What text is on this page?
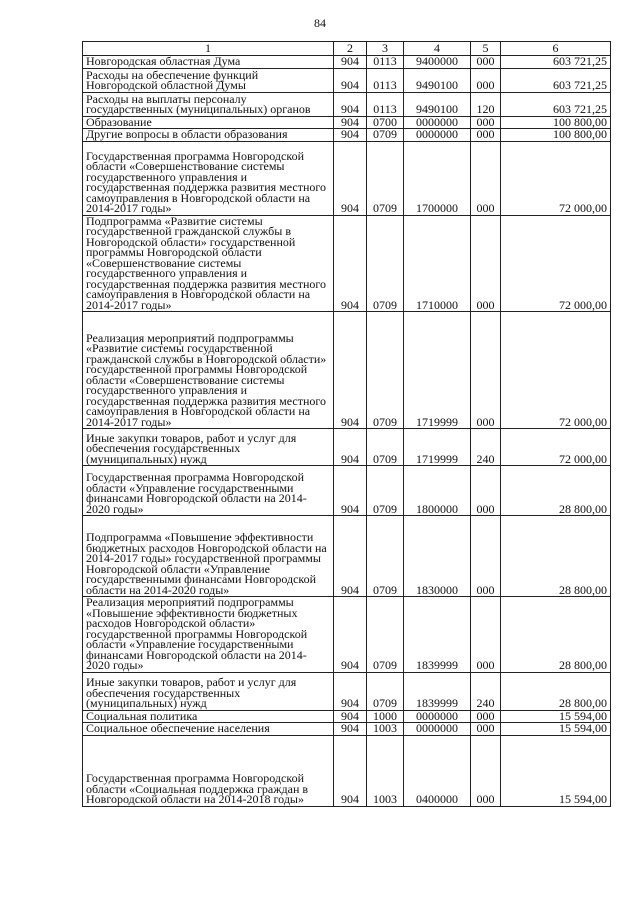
84
1	2	3	4	5	6
Новгородская областная Дума	904	0113	9400000	000	603 721,25
Расходы на обеспечение функций Новгородской областной Думы	904	0113	9490100	000	603 721,25
Расходы на выплаты персоналу государственных (муниципальных) органов	904	0113	9490100	120	603 721,25
Образование	904	0700	0000000	000	100 800,00
Другие вопросы в области образования	904	0709	0000000	000	100 800,00
Государственная программа Новгородской области «Совершенствование системы государственного управления и государственная поддержка развития местного самоуправления в Новгородской области на 2014-2017 годы»	904	0709	1700000	000	72 000,00
Подпрограмма «Развитие системы государственной гражданской службы в Новгородской области» государственной программы Новгородской области «Совершенствование системы государственного управления и государственная поддержка развития местного самоуправления в Новгородской области на 2014-2017 годы»	904	0709	1710000	000	72 000,00
Реализация мероприятий подпрограммы «Развитие системы государственной гражданской службы в Новгородской области» государственной программы Новгородской области «Совершенствование системы государственного управления и государственная поддержка развития местного самоуправления в Новгородской области на 2014-2017 годы»	904	0709	1719999	000	72 000,00
Иные закупки товаров, работ и услуг для обеспечения государственных (муниципальных) нужд	904	0709	1719999	240	72 000,00
Государственная программа Новгородской области «Управление государственными финансами Новгородской области на 2014-2020 годы»	904	0709	1800000	000	28 800,00
Подпрограмма «Повышение эффективности бюджетных расходов Новгородской области на 2014-2017 годы» государственной программы Новгородской области «Управление государственными финансами Новгородской области на 2014-2020 годы»	904	0709	1830000	000	28 800,00
Реализация мероприятий подпрограммы «Повышение эффективности бюджетных расходов Новгородской области» государственной программы Новгородской области «Управление государственными финансами Новгородской области на 2014-2020 годы»	904	0709	1839999	000	28 800,00
Иные закупки товаров, работ и услуг для обеспечения государственных (муниципальных) нужд	904	0709	1839999	240	28 800,00
Социальная политика	904	1000	0000000	000	15 594,00
Социальное обеспечение населения	904	1003	0000000	000	15 594,00
Государственная программа Новгородской области «Социальная поддержка граждан в Новгородской области на 2014-2018 годы»	904	1003	0400000	000	15 594,00
